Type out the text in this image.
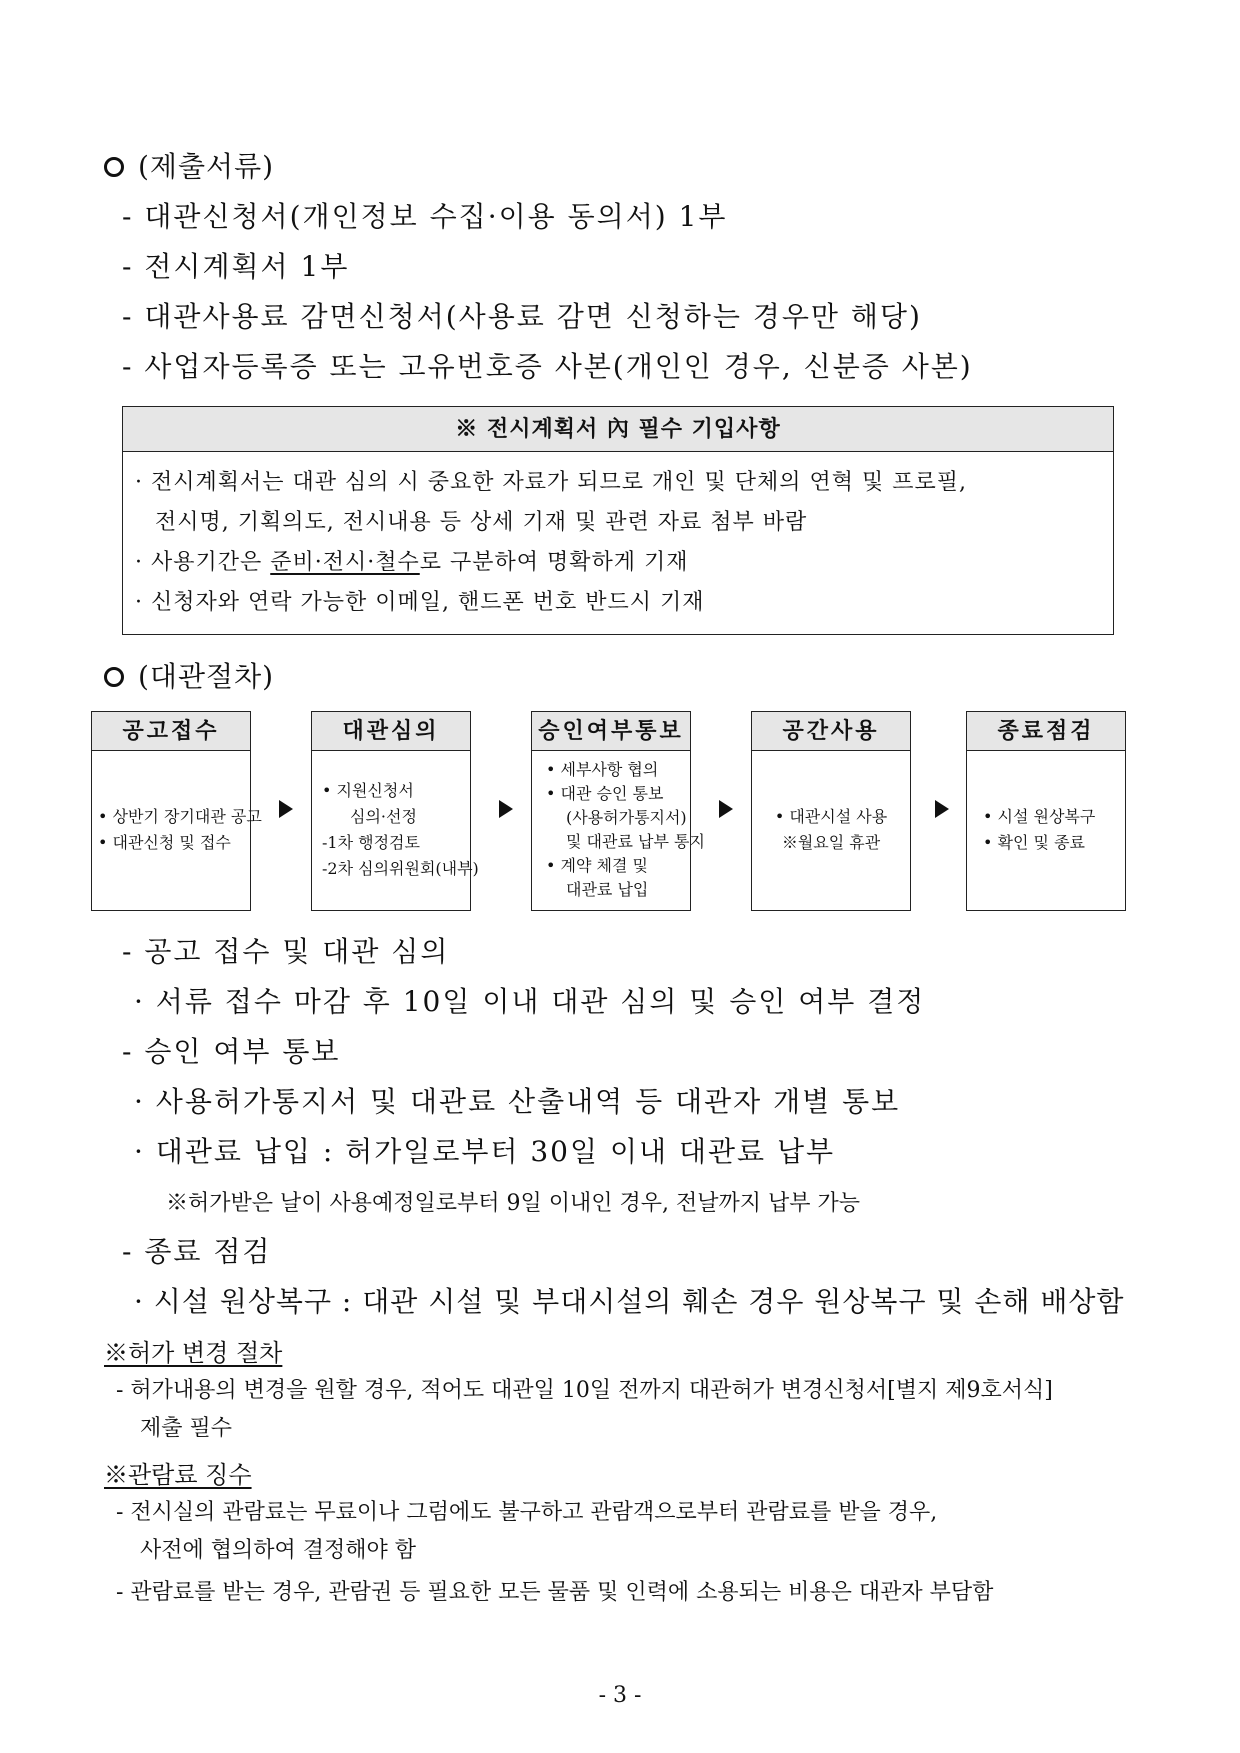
(제출서류)
- 대관신청서(개인정보 수집·이용 동의서) 1부
- 전시계획서 1부
- 대관사용료 감면신청서(사용료 감면 신청하는 경우만 해당)
- 사업자등록증 또는 고유번호증 사본(개인인 경우, 신분증 사본)
※ 전시계획서 內 필수 기입사항
· 전시계획서는 대관 심의 시 중요한 자료가 되므로 개인 및 단체의 연혁 및 프로필,
전시명, 기획의도, 전시내용 등 상세 기재 및 관련 자료 첨부 바람
· 사용기간은 준비·전시·철수로 구분하여 명확하게 기재
· 신청자와 연락 가능한 이메일, 핸드폰 번호 반드시 기재
(대관절차)
공고접수
• 상반기 장기대관 공고
• 대관신청 및 접수
대관심의
• 지원신청서
심의·선정
-1차 행정검토
-2차 심의위원회(내부)
승인여부통보
• 세부사항 협의
• 대관 승인 통보
(사용허가통지서)
및 대관료 납부 통지
• 계약 체결 및
대관료 납입
공간사용
• 대관시설 사용
※월요일 휴관
종료점검
• 시설 원상복구
• 확인 및 종료
- 공고 접수 및 대관 심의
· 서류 접수 마감 후 10일 이내 대관 심의 및 승인 여부 결정
- 승인 여부 통보
· 사용허가통지서 및 대관료 산출내역 등 대관자 개별 통보
· 대관료 납입 : 허가일로부터 30일 이내 대관료 납부
※허가받은 날이 사용예정일로부터 9일 이내인 경우, 전날까지 납부 가능
- 종료 점검
· 시설 원상복구 : 대관 시설 및 부대시설의 훼손 경우 원상복구 및 손해 배상함
※허가 변경 절차
- 허가내용의 변경을 원할 경우, 적어도 대관일 10일 전까지 대관허가 변경신청서[별지 제9호서식]
제출 필수
※관람료 징수
- 전시실의 관람료는 무료이나 그럼에도 불구하고 관람객으로부터 관람료를 받을 경우,
사전에 협의하여 결정해야 함
- 관람료를 받는 경우, 관람권 등 필요한 모든 물품 및 인력에 소용되는 비용은 대관자 부담함
- 3 -
